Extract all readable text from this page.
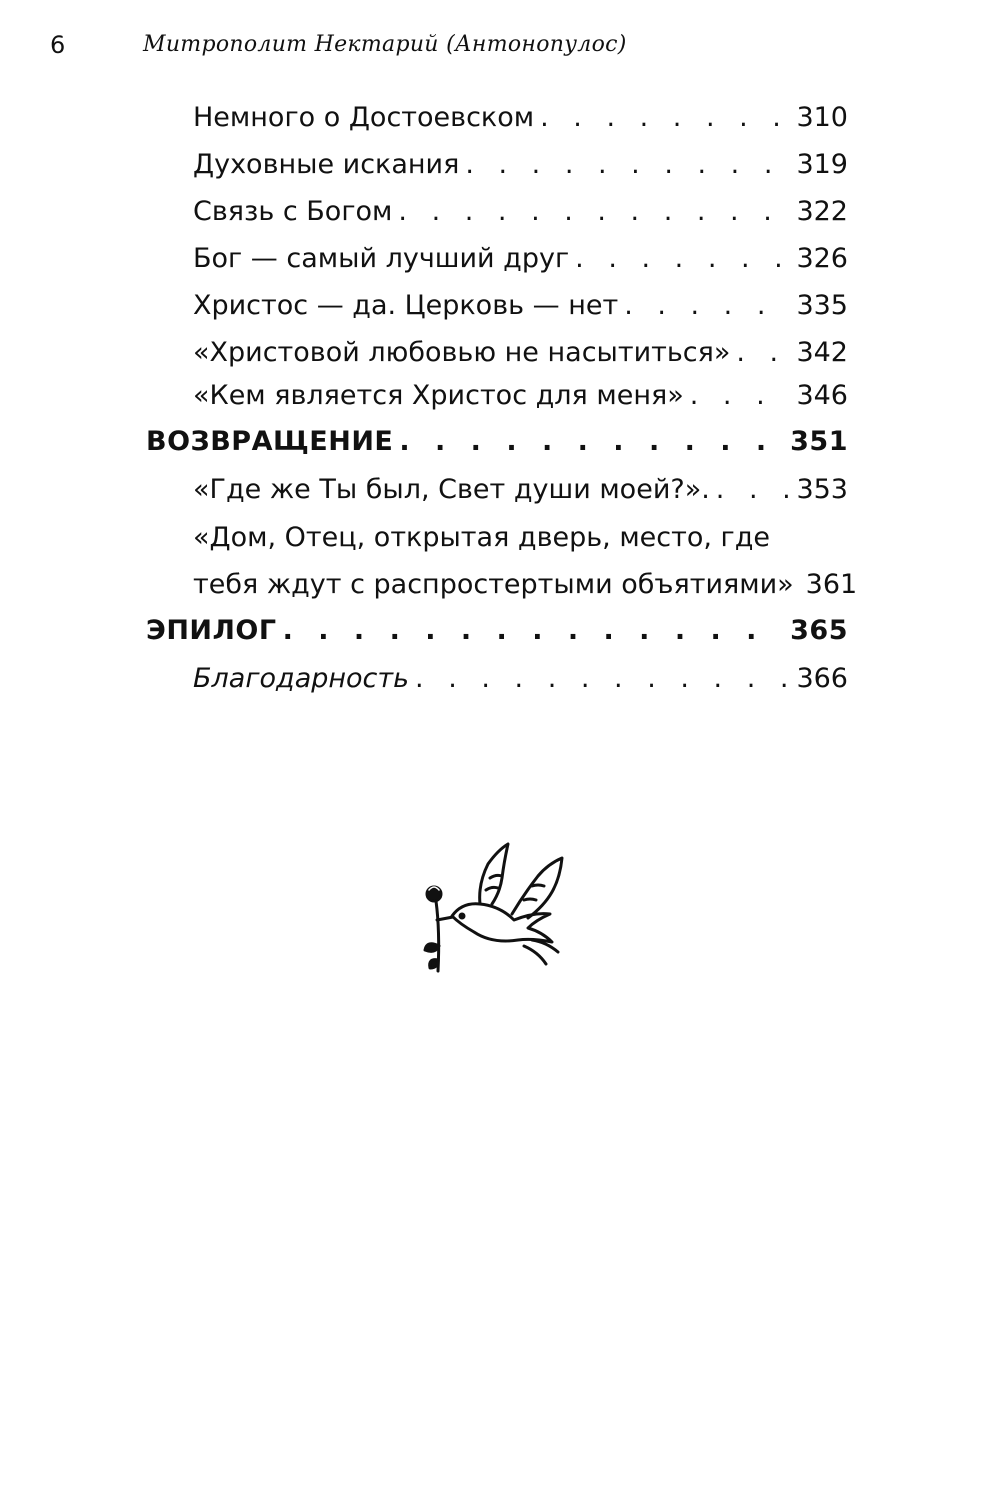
6	Митрополит Нектарий (Антонопулос)
Немного о Достоевском . . .	310
Духовные искания . . .	319
Связь с Богом . . .	322
Бог — самый лучший друг . . .	326
Христос — да. Церковь — нет . . .	335
«Христовой любовью не насытиться» . . . 342
«Кем является Христос для меня» . . .	346
ВОЗВРАЩЕНИЕ . . .	351
«Где же Ты был, Свет души моей?». . . .	353
«Дом, Отец, открытая дверь, место, где
тебя ждут с распростертыми объятиями» 361
ЭПИЛОГ . . .	365
Благодарность . . .	366
